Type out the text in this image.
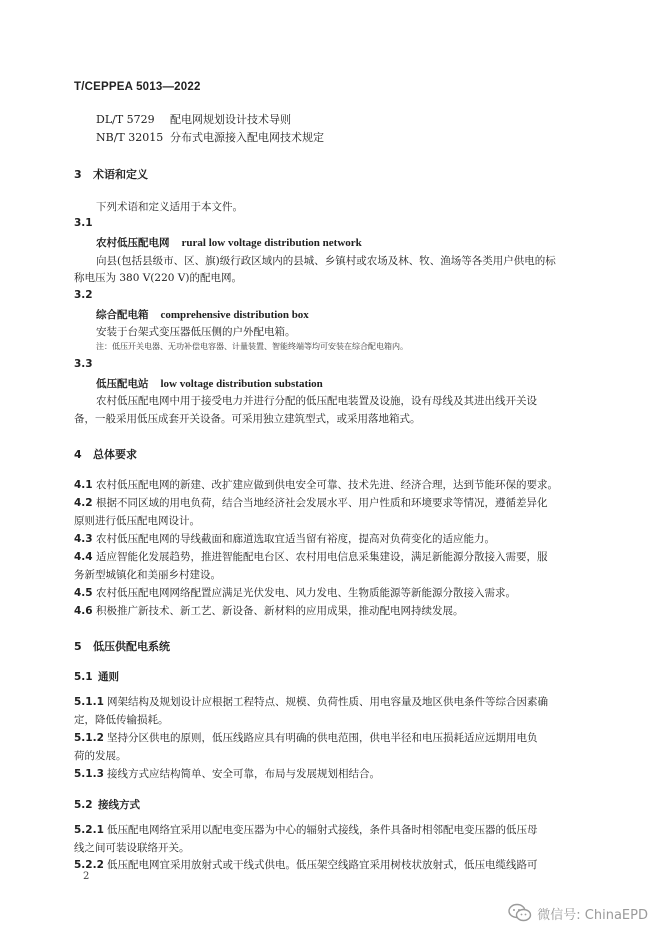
T/CEPPEA 5013—2022
DL/T 5729 配电网规划设计技术导则
NB/T 32015 分布式电源接入配电网技术规定
3 术语和定义
下列术语和定义适用于本文件。
3.1
农村低压配电网 rural low voltage distribution network
向县(包括县级市、区、旗)级行政区域内的县城、乡镇村或农场及林、牧、渔场等各类用户供电的标
称电压为 380 V(220 V)的配电网。
3.2
综合配电箱 comprehensive distribution box
安装于台架式变压器低压侧的户外配电箱。
注：低压开关电器、无功补偿电容器、计量装置、智能终端等均可安装在综合配电箱内。
3.3
低压配电站 low voltage distribution substation
农村低压配电网中用于接受电力并进行分配的低压配电装置及设施，设有母线及其进出线开关设
备，一般采用低压成套开关设备。可采用独立建筑型式，或采用落地箱式。
4 总体要求
4.1 农村低压配电网的新建、改扩建应做到供电安全可靠、技术先进、经济合理，达到节能环保的要求。
4.2 根据不同区域的用电负荷，结合当地经济社会发展水平、用户性质和环境要求等情况，遵循差异化
原则进行低压配电网设计。
4.3 农村低压配电网的导线截面和廊道选取宜适当留有裕度，提高对负荷变化的适应能力。
4.4 适应智能化发展趋势，推进智能配电台区、农村用电信息采集建设，满足新能源分散接入需要，服
务新型城镇化和美丽乡村建设。
4.5 农村低压配电网网络配置应满足光伏发电、风力发电、生物质能源等新能源分散接入需求。
4.6 积极推广新技术、新工艺、新设备、新材料的应用成果，推动配电网持续发展。
5 低压供配电系统
5.1 通则
5.1.1 网架结构及规划设计应根据工程特点、规模、负荷性质、用电容量及地区供电条件等综合因素确
定，降低传输损耗。
5.1.2 坚持分区供电的原则，低压线路应具有明确的供电范围，供电半径和电压损耗适应远期用电负
荷的发展。
5.1.3 接线方式应结构简单、安全可靠，布局与发展规划相结合。
5.2 接线方式
5.2.1 低压配电网络宜采用以配电变压器为中心的辐射式接线，条件具备时相邻配电变压器的低压母
线之间可装设联络开关。
5.2.2 低压配电网宜采用放射式或干线式供电。低压架空线路宜采用树枝状放射式，低压电缆线路可
2
微信号: ChinaEPD
